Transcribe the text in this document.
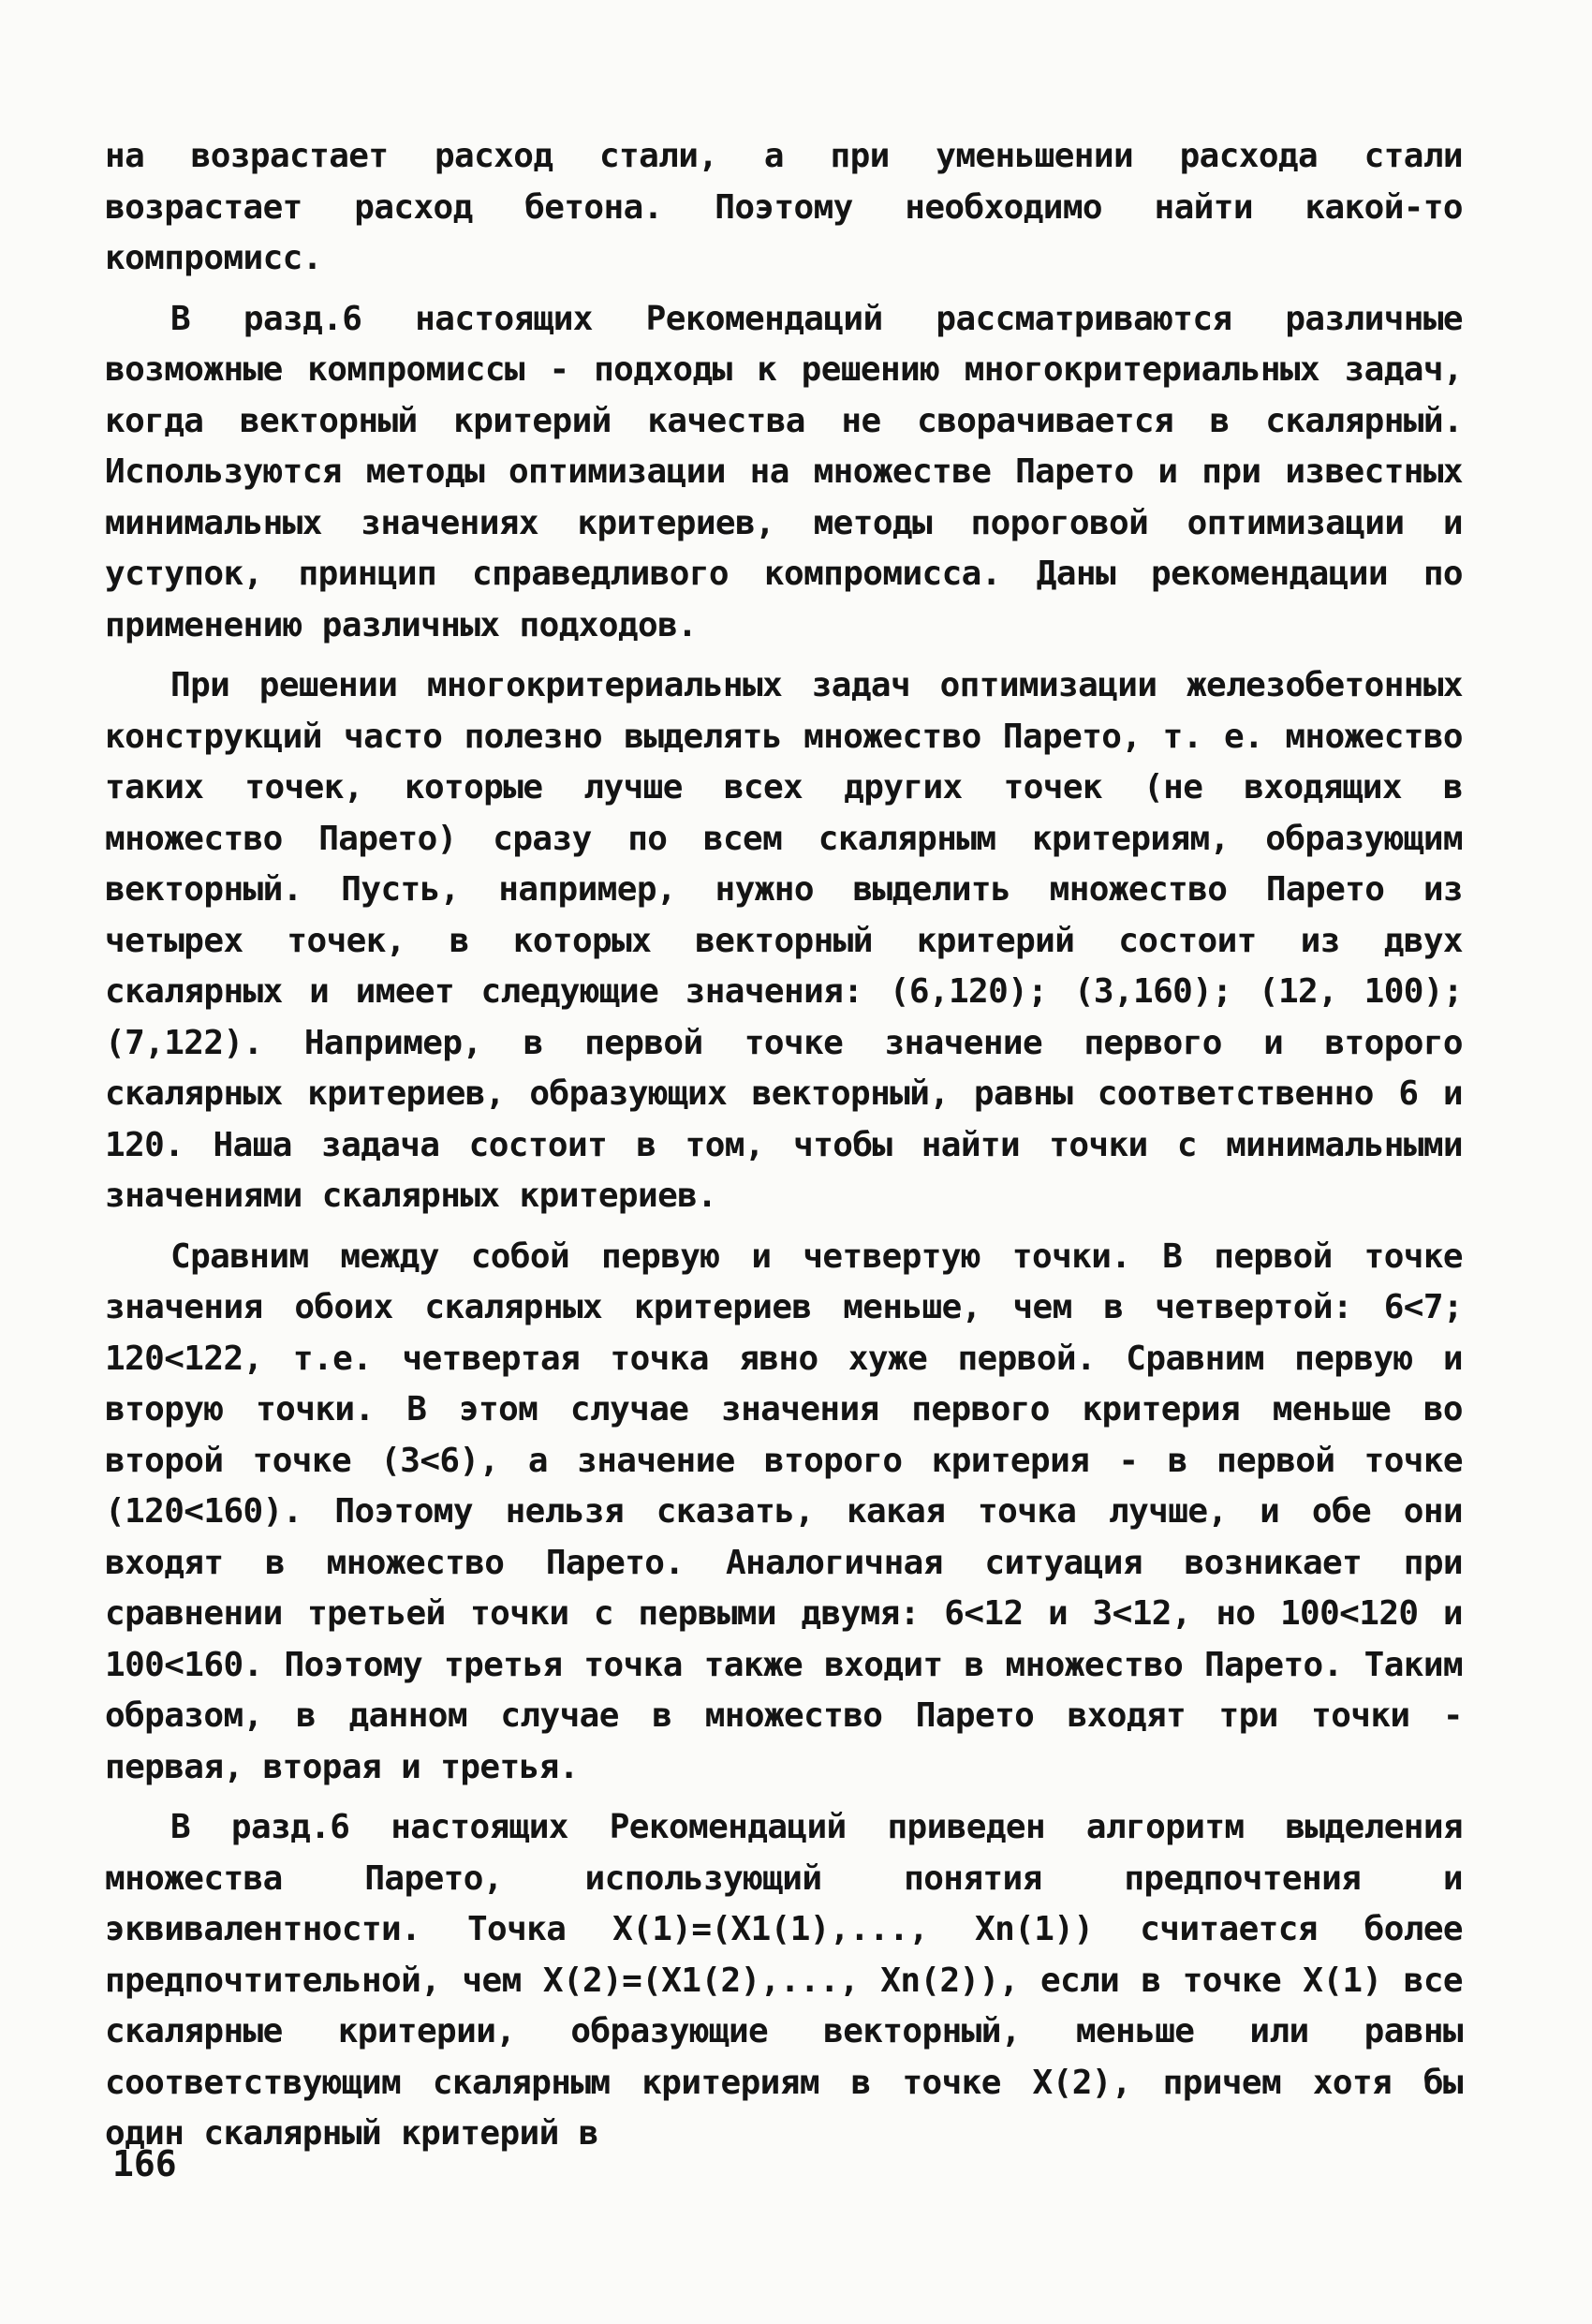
на возрастает расход стали, а при уменьшении расхода стали возрастает расход бетона. Поэтому необходимо найти какой-то компромисс.

В разд.6 настоящих Рекомендаций рассматриваются различные возможные компромиссы - подходы к решению многокритериальных задач, когда векторный критерий качества не сворачивается в скалярный. Используются методы оптимизации на множестве Парето и при известных минимальных значениях критериев, методы пороговой оптимизации и уступок, принцип справедливого компромисса. Даны рекомендации по применению различных подходов.

При решении многокритериальных задач оптимизации железобетонных конструкций часто полезно выделять множество Парето, т. е. множество таких точек, которые лучше всех других точек (не входящих в множество Парето) сразу по всем скалярным критериям, образующим векторный. Пусть, например, нужно выделить множество Парето из четырех точек, в которых векторный критерий состоит из двух скалярных и имеет следующие значения: (6,120); (3,160); (12, 100); (7,122). Например, в первой точке значение первого и второго скалярных критериев, образующих векторный, равны соответственно 6 и 120. Наша задача состоит в том, чтобы найти точки с минимальными значениями скалярных критериев.

Сравним между собой первую и четвертую точки. В первой точке значения обоих скалярных критериев меньше, чем в четвертой: 6<7; 120<122, т.е. четвертая точка явно хуже первой. Сравним первую и вторую точки. В этом случае значения первого критерия меньше во второй точке (3<6), а значение второго критерия - в первой точке (120<160). Поэтому нельзя сказать, какая точка лучше, и обе они входят в множество Парето. Аналогичная ситуация возникает при сравнении третьей точки с первыми двумя: 6<12 и 3<12, но 100<120 и 100<160. Поэтому третья точка также входит в множество Парето. Таким образом, в данном случае в множество Парето входят три точки - первая, вторая и третья.

В разд.6 настоящих Рекомендаций приведен алгоритм выделения множества Парето, использующий понятия предпочтения и эквивалентности. Точка X(1)=(X1(1),..., Xn(1)) считается более предпочтительной, чем X(2)=(X1(2),..., Xn(2)), если в точке X(1) все скалярные критерии, образующие векторный, меньше или равны соответствующим скалярным критериям в точке X(2), причем хотя бы один скалярный критерий в

166
